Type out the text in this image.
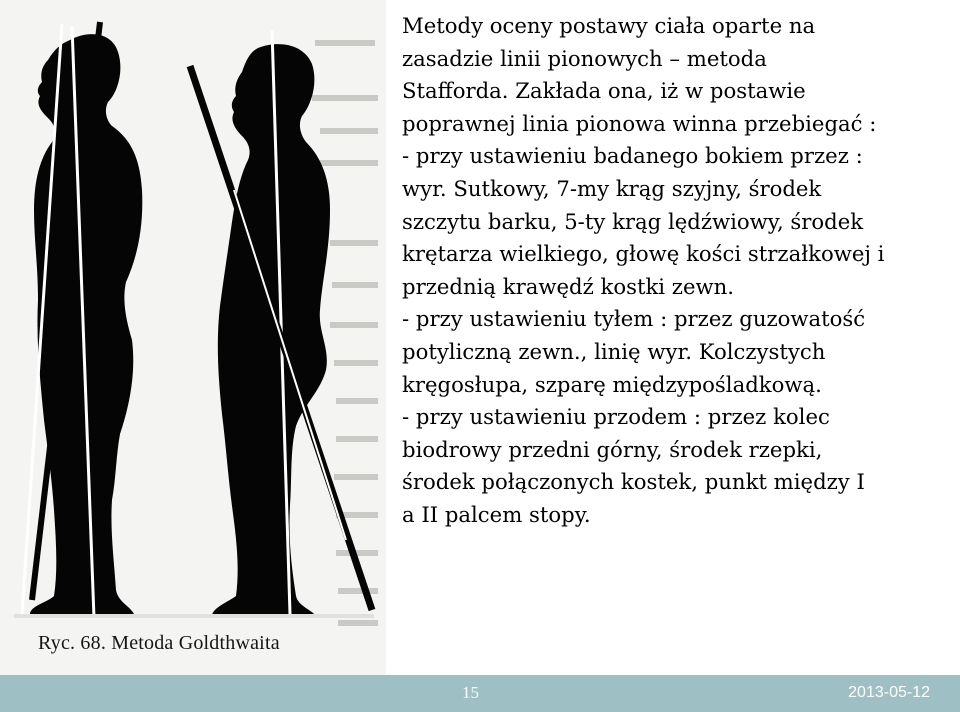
Ryc. 68. Metoda Goldthwaita
Metody oceny postawy ciała oparte na
zasadzie linii pionowych – metoda
Stafforda. Zakłada ona, iż w postawie
poprawnej linia pionowa winna przebiegać :
- przy ustawieniu badanego bokiem przez :
wyr. Sutkowy, 7-my krąg szyjny, środek
szczytu barku, 5-ty krąg lędźwiowy, środek
krętarza wielkiego, głowę kości strzałkowej i
przednią krawędź kostki zewn.
- przy ustawieniu tyłem : przez guzowatość
potyliczną zewn., linię wyr. Kolczystych
kręgosłupa, szparę międzypośladkową.
- przy ustawieniu przodem : przez kolec
biodrowy przedni górny, środek rzepki,
środek połączonych kostek, punkt między I
a II palcem stopy.
15	2013-05-12
